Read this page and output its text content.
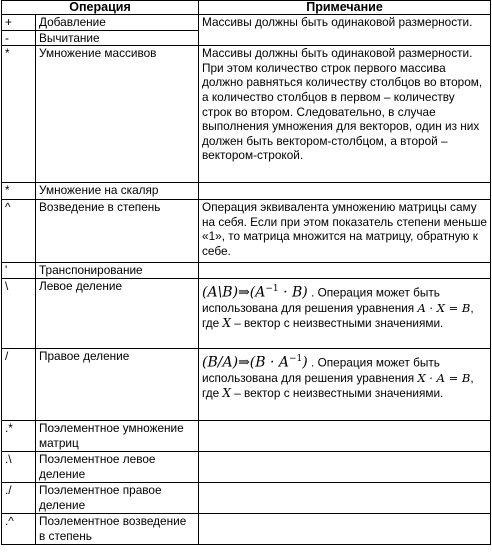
Операция		Примечание
+	Добавление	Массивы должны быть одинаковой размерности.
-	Вычитание	
*	Умножение массивов	Массивы должны быть одинаковой размерности. При этом количество строк первого массива должно равняться количеству столбцов во втором, а количество столбцов в первом – количеству строк во втором. Следовательно, в случае выполнения умножения для векторов, один из них должен быть вектором-столбцом, а второй – вектором-строкой.
*	Умножение на скаляр	
^	Возведение в степень	Операция эквивалента умножению матрицы саму на себя. Если при этом показатель степени меньше «1», то матрица множится на матрицу, обратную к себе.
'	Транспонирование	
\	Левое деление	$(A\backslash B)\Rightarrow(A^{-1} \cdot B)$ . Операция может быть использована для решения уравнения A · X = B, где X – вектор с неизвестными значениями.
/	Правое деление	(B/A)⇒(B · $A^{-1}$) . Операция может быть использована для решения уравнения X · A = B, где X – вектор с неизвестными значениями.
.*	Поэлементное умножение матриц	
.\	Поэлементное левое деление	
./	Поэлементное правое деление	
.^	Поэлементное возведение в степень	
